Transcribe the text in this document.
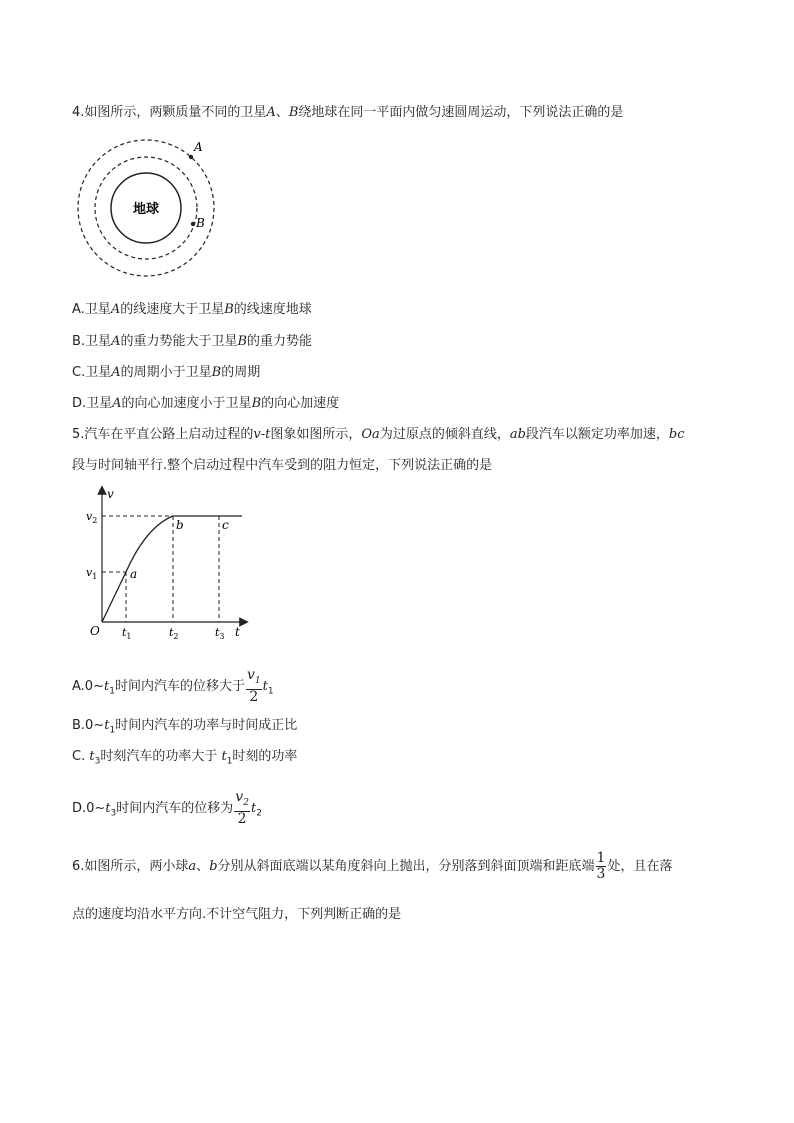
4.如图所示，两颗质量不同的卫星A、B绕地球在同一平面内做匀速圆周运动，下列说法正确的是
地球
A
B
A.卫星A的线速度大于卫星B的线速度地球
B.卫星A的重力势能大于卫星B的重力势能
C.卫星A的周期小于卫星B的周期
D.卫星A的向心加速度小于卫星B的向心加速度
5.汽车在平直公路上启动过程的v-t图象如图所示，Oa为过原点的倾斜直线，ab段汽车以额定功率加速，bc
段与时间轴平行.整个启动过程中汽车受到的阻力恒定，下列说法正确的是
v
t
O
$v_2$
$v_1$
$t_1$	$t_2$	$t_3$
a
b	c
$A.0\sim t_1$时间内汽车的位移大于 $\frac{v_1}{2} t_1$
$B.0\sim t_1$时间内汽车的功率与时间成正比
C. $t_3$时刻汽车的功率大于 $t_1$时刻的功率
$D.0\sim t_3$时间内汽车的位移为 $\frac{v_2}{2} t_2$
6.如图所示，两小球a、b分别从斜面底端以某角度斜向上抛出，分别落到斜面顶端和距底端 $\frac{1}{3}$ 处，且在落
点的速度均沿水平方向.不计空气阻力，下列判断正确的是
